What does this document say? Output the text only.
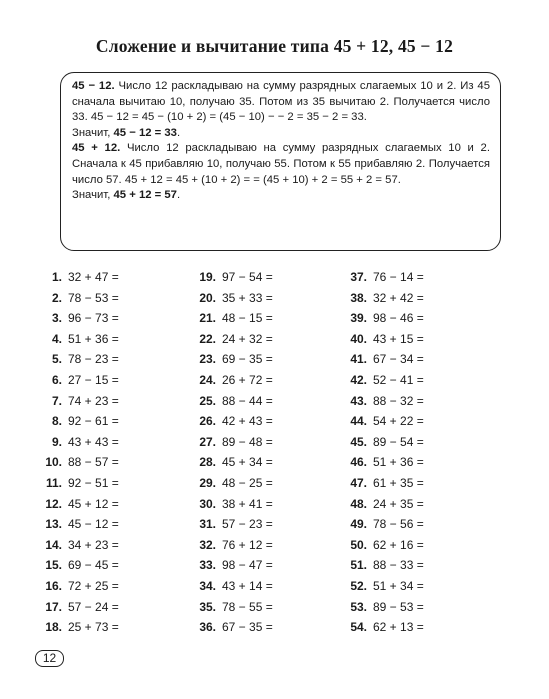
Сложение и вычитание типа 45 + 12, 45 − 12

45 − 12. Число 12 раскладываю на сумму разрядных слагаемых 10 и 2. Из 45 сначала вычитаю 10, получаю 35. Потом из 35 вычитаю 2. Получается число 33. 45 − 12 = 45 − (10 + 2) = (45 − 10) − − 2 = 35 − 2 = 33.

Значит, 45 − 12 = 33.

45 + 12. Число 12 раскладываю на сумму разрядных слагаемых 10 и 2. Сначала к 45 прибавляю 10, получаю 55. Потом к 55 прибавляю 2. Получается число 57. 45 + 12 = 45 + (10 + 2) = = (45 + 10) + 2 = 55 + 2 = 57.

Значит, 45 + 12 = 57.

1. 32 + 47 =
2. 78 − 53 =
3. 96 − 73 =
4. 51 + 36 =
5. 78 − 23 =
6. 27 − 15 =
7. 74 + 23 =
8. 92 − 61 =
9. 43 + 43 =
10. 88 − 57 =
11. 92 − 51 =
12. 45 + 12 =
13. 45 − 12 =
14. 34 + 23 =
15. 69 − 45 =
16. 72 + 25 =
17. 57 − 24 =
18. 25 + 73 =
19. 97 − 54 =
20. 35 + 33 =
21. 48 − 15 =
22. 24 + 32 =
23. 69 − 35 =
24. 26 + 72 =
25. 88 − 44 =
26. 42 + 43 =
27. 89 − 48 =
28. 45 + 34 =
29. 48 − 25 =
30. 38 + 41 =
31. 57 − 23 =
32. 76 + 12 =
33. 98 − 47 =
34. 43 + 14 =
35. 78 − 55 =
36. 67 − 35 =
37. 76 − 14 =
38. 32 + 42 =
39. 98 − 46 =
40. 43 + 15 =
41. 67 − 34 =
42. 52 − 41 =
43. 88 − 32 =
44. 54 + 22 =
45. 89 − 54 =
46. 51 + 36 =
47. 61 + 35 =
48. 24 + 35 =
49. 78 − 56 =
50. 62 + 16 =
51. 88 − 33 =
52. 51 + 34 =
53. 89 − 53 =
54. 62 + 13 =
12
